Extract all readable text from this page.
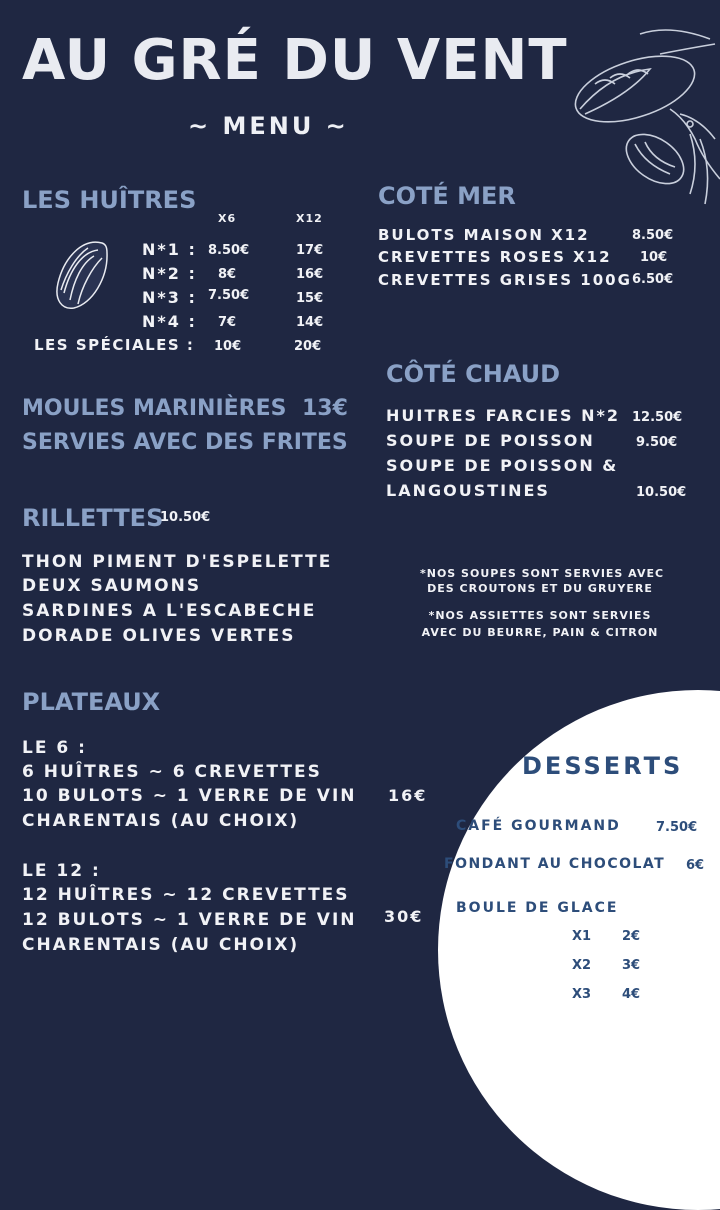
AU GRÉ DU VENT
~ MENU ~
LES HUÎTRES
X6	X12
N*1 : 8.50€	17€
N*2 : 8€	16€
N*3 : 7.50€	15€
N*4 : 7€	14€
LES SPÉCIALES : 10€	20€
COTÉ MER
BULOTS MAISON X12	8.50€
CREVETTES ROSES X12 10€
CREVETTES GRISES 100G 6.50€
CÔTÉ CHAUD
HUITRES FARCIES N*2 12.50€
SOUPE DE POISSON	9.50€
SOUPE DE POISSON &
LANGOUSTINES	10.50€
MOULES MARINIÈRES 13€
SERVIES AVEC DES FRITES
RILLETTES
10.50€
THON PIMENT D'ESPELETTE
DEUX SAUMONS
SARDINES A L'ESCABECHE
DORADE OLIVES VERTES
*NOS SOUPES SONT SERVIES AVEC
DES CROUTONS ET DU GRUYERE
*NOS ASSIETTES SONT SERVIES
AVEC DU BEURRE, PAIN & CITRON
PLATEAUX
LE 6 :
6 HUÎTRES ~ 6 CREVETTES
10 BULOTS ~ 1 VERRE DE VIN 16€
CHARENTAIS (AU CHOIX)
LE 12 :
12 HUÎTRES ~ 12 CREVETTES
12 BULOTS ~ 1 VERRE DE VIN 30€
CHARENTAIS (AU CHOIX)
DESSERTS
CAFÉ GOURMAND	7.50€
FONDANT AU CHOCOLAT 6€
BOULE DE GLACE
X1 2€
X2 3€
X3 4€
